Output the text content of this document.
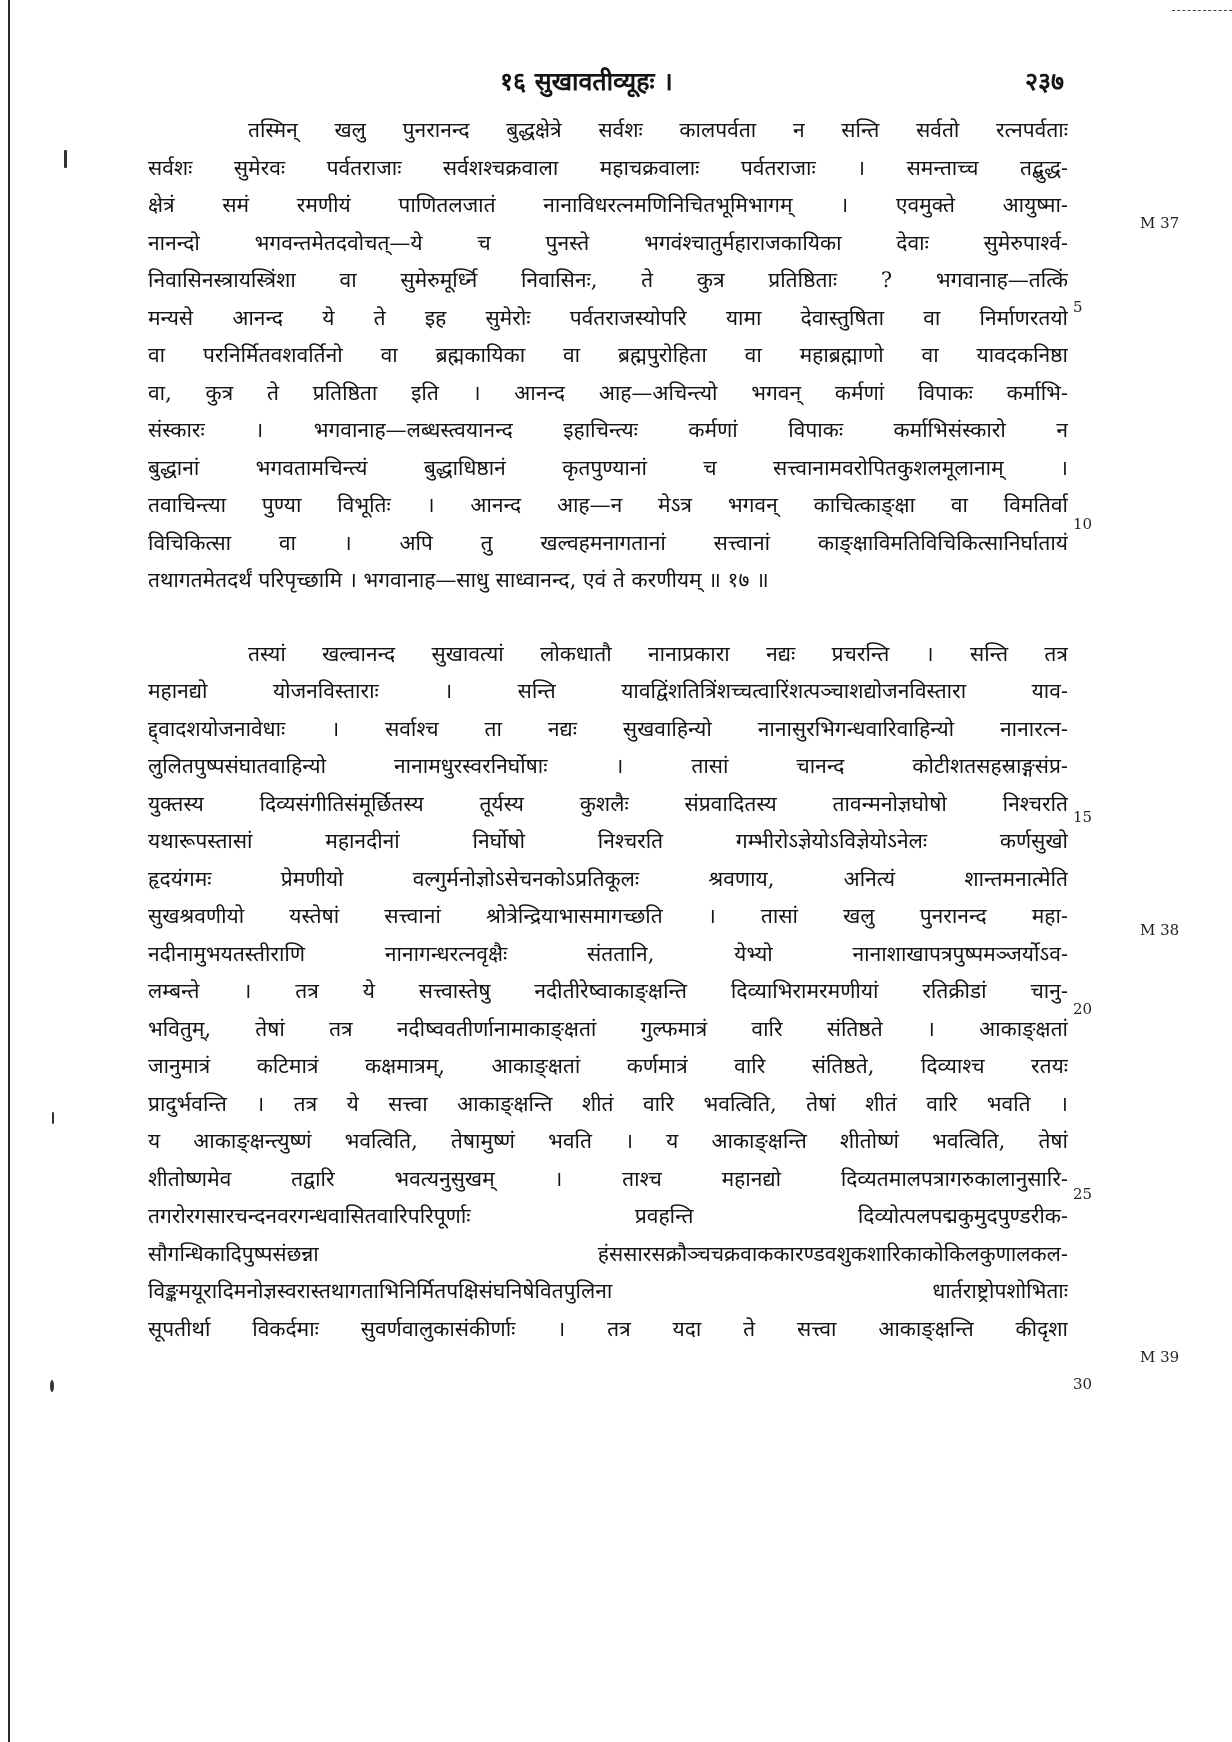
१६ सुखावतीव्यूहः ।	२३७
तस्मिन् खलु पुनरानन्द बुद्धक्षेत्रे सर्वशः कालपर्वता न सन्ति सर्वतो रत्नपर्वताः
सर्वशः सुमेरवः पर्वतराजाः सर्वशश्चक्रवाला महाचक्रवालाः पर्वतराजाः । समन्ताच्च तद्बुद्ध-
क्षेत्रं समं रमणीयं पाणितलजातं नानाविधरत्नमणिनिचितभूमिभागम् । एवमुक्ते आयुष्मा-
नानन्दो भगवन्तमेतदवोचत्—ये च पुनस्ते भगवंश्चातुर्महाराजकायिका देवाः सुमेरुपार्श्व-
निवासिनस्त्रायस्त्रिंशा वा सुमेरुमूर्ध्नि निवासिनः, ते कुत्र प्रतिष्ठिताः ? भगवानाह—तत्किं
मन्यसे आनन्द ये ते इह सुमेरोः पर्वतराजस्योपरि यामा देवास्तुषिता वा निर्माणरतयो
वा परनिर्मितवशवर्तिनो वा ब्रह्मकायिका वा ब्रह्मपुरोहिता वा महाब्रह्माणो वा यावदकनिष्ठा
वा, कुत्र ते प्रतिष्ठिता इति । आनन्द आह—अचिन्त्यो भगवन् कर्मणां विपाकः कर्माभि-
संस्कारः । भगवानाह—लब्धस्त्वयानन्द इहाचिन्त्यः कर्मणां विपाकः कर्माभिसंस्कारो न
बुद्धानां भगवतामचिन्त्यं बुद्धाधिष्ठानं कृतपुण्यानां च सत्त्वानामवरोपितकुशलमूलानाम् ।
तवाचिन्त्या पुण्या विभूतिः । आनन्द आह—न मेऽत्र भगवन् काचित्काङ्क्षा वा विमतिर्वा
विचिकित्सा वा । अपि तु खल्वहमनागतानां सत्त्वानां काङ्क्षाविमतिविचिकित्सानिर्घातायं
तथागतमेतदर्थं परिपृच्छामि । भगवानाह—साधु साध्वानन्द, एवं ते करणीयम् ॥ १७ ॥
तस्यां खल्वानन्द सुखावत्यां लोकधातौ नानाप्रकारा नद्यः प्रचरन्ति । सन्ति तत्र
महानद्यो योजनविस्ताराः । सन्ति यावद्विंशतित्रिंशच्चत्वारिंशत्पञ्चाशद्योजनविस्तारा याव-
द्द्वादशयोजनावेधाः । सर्वाश्च ता नद्यः सुखवाहिन्यो नानासुरभिगन्धवारिवाहिन्यो नानारत्न-
लुलितपुष्पसंघातवाहिन्यो नानामधुरस्वरनिर्घोषाः । तासां चानन्द कोटीशतसहस्राङ्गसंप्र-
युक्तस्य दिव्यसंगीतिसंमूर्छितस्य तूर्यस्य कुशलैः संप्रवादितस्य तावन्मनोज्ञघोषो निश्चरति
यथारूपस्तासां महानदीनां निर्घोषो निश्चरति गम्भीरोऽज्ञेयोऽविज्ञेयोऽनेलः कर्णसुखो
हृदयंगमः प्रेमणीयो वल्गुर्मनोज्ञोऽसेचनकोऽप्रतिकूलः श्रवणाय, अनित्यं शान्तमनात्मेति
सुखश्रवणीयो यस्तेषां सत्त्वानां श्रोत्रेन्द्रियाभासमागच्छति । तासां खलु पुनरानन्द महा-
नदीनामुभयतस्तीराणि नानागन्धरत्नवृक्षैः संततानि, येभ्यो नानाशाखापत्रपुष्पमञ्जर्योऽव-
लम्बन्ते । तत्र ये सत्त्वास्तेषु नदीतीरेष्वाकाङ्क्षन्ति दिव्याभिरामरमणीयां रतिक्रीडां चानु-
भवितुम्, तेषां तत्र नदीष्ववतीर्णानामाकाङ्क्षतां गुल्फमात्रं वारि संतिष्ठते । आकाङ्क्षतां
जानुमात्रं कटिमात्रं कक्षमात्रम्, आकाङ्क्षतां कर्णमात्रं वारि संतिष्ठते, दिव्याश्च रतयः
प्रादुर्भवन्ति । तत्र ये सत्त्वा आकाङ्क्षन्ति शीतं वारि भवत्विति, तेषां शीतं वारि भवति ।
य आकाङ्क्षन्त्युष्णं भवत्विति, तेषामुष्णं भवति । य आकाङ्क्षन्ति शीतोष्णं भवत्विति, तेषां
शीतोष्णमेव तद्वारि भवत्यनुसुखम् । ताश्च महानद्यो दिव्यतमालपत्रागरुकालानुसारि-
तगरोरगसारचन्दनवरगन्धवासितवारिपरिपूर्णाः प्रवहन्ति दिव्योत्पलपद्मकुमुदपुण्डरीक-
सौगन्धिकादिपुष्पसंछन्ना हंससारसक्रौञ्चचक्रवाककारण्डवशुकशारिकाकोकिलकुणालकल-
विङ्कमयूरादिमनोज्ञस्वरास्तथागताभिनिर्मितपक्षिसंघनिषेवितपुलिना धार्तराष्ट्रोपशोभिताः
सूपतीर्था विकर्दमाः सुवर्णवालुकासंकीर्णाः । तत्र यदा ते सत्त्वा आकाङ्क्षन्ति कीदृशा
5
10
15
20
25
30
M 37
M 38
M 39
